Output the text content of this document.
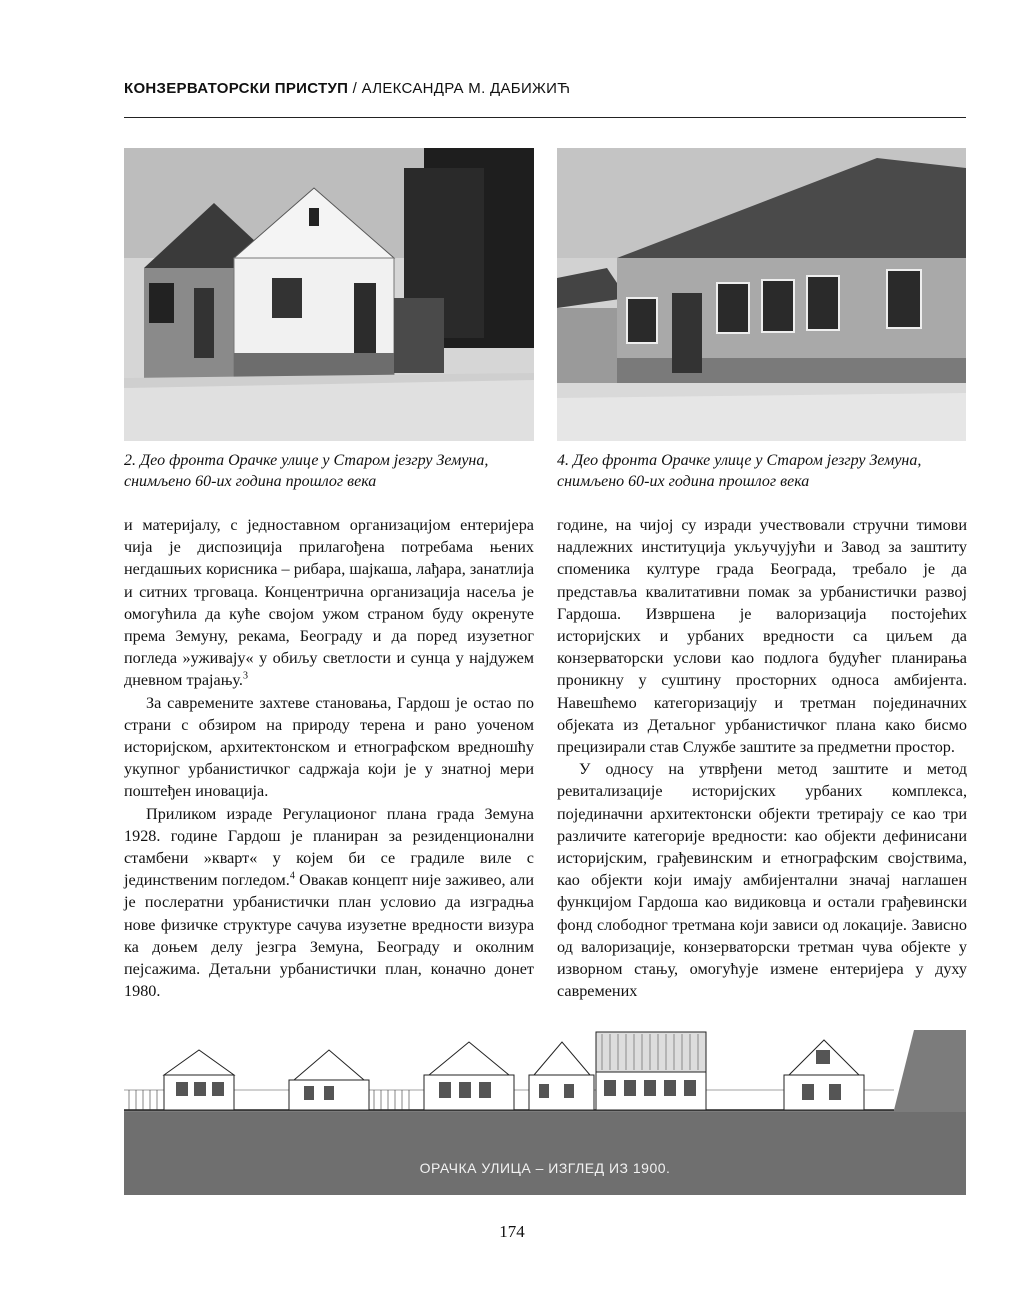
КОНЗЕРВАТОРСКИ ПРИСТУП / АЛЕКСАНДРА М. ДАБИЖИЋ
2. Део фронта Орачке улице у Старом језгру Земуна,
снимљено 60-их година прошлог века
4. Део фронта Орачке улице у Старом језгру Земуна,
снимљено 60-их година прошлог века

и материјалу, с једноставном организацијом ентеријера чија је диспозиција прилагођена потребама њених негдашњих корисника – рибара, шајкаша, лађара, занатлија и ситних трговаца. Концентрична организација насеља је омогућила да куће својом ужом страном буду окренуте према Земуну, рекама, Београду и да поред изузетног погледа »уживају« у обиљу светлости и сунца у најдужем дневном трајању.$^3$

За савремените захтеве становања, Гардош је остао по страни с обзиром на природу терена и рано уоченом историјском, архитектонском и етнографском вредношћу укупног урбанистичког садржаја који је у знатној мери поштеђен иновација.

Приликом израде Регулационог плана града Земуна 1928. године Гардош је планиран за резиденционални стамбени »кварт« у којем би се градиле виле с јединственим погледом.$^4$ Овакав концепт није заживео, али је послератни урбанистички план условио да изградња нове физичке структуре сачува изузетне вредности визура ка доњем делу језгра Земуна, Београду и околним пејсажима. Детаљни урбанистички план, коначно донет 1980.

године, на чијој су изради учествовали стручни тимови надлежних институција укључујући и Завод за заштиту споменика културе града Београда, требало је да представља квалитативни помак за урбанистички развој Гардоша. Извршена је валоризација постојећих историјских и урбаних вредности са циљем да конзерваторски услови као подлога будућег планирања проникну у суштину просторних односа амбијента. Навешћемо категоризацију и третман појединачних објеката из Детаљног урбанистичког плана како бисмо прецизирали став Службе заштите за предметни простор.

У односу на утврђени метод заштите и метод ревитализације историјских урбаних комплекса, појединачни архитектонски објекти третирају се као три различите категорије вредности: као објекти дефинисани историјским, грађевинским и етнографским својствима, као објекти који имају амбијентални значај наглашен функцијом Гардоша као видиковца и остали грађевински фонд слободног третмана који зависи од локације. Зависно од валоризације, конзерваторски третман чува објекте у изворном стању, омогућује измене ентеријера у духу савремених

ОРАЧКА УЛИЦА – ИЗГЛЕД ИЗ 1900.
174
